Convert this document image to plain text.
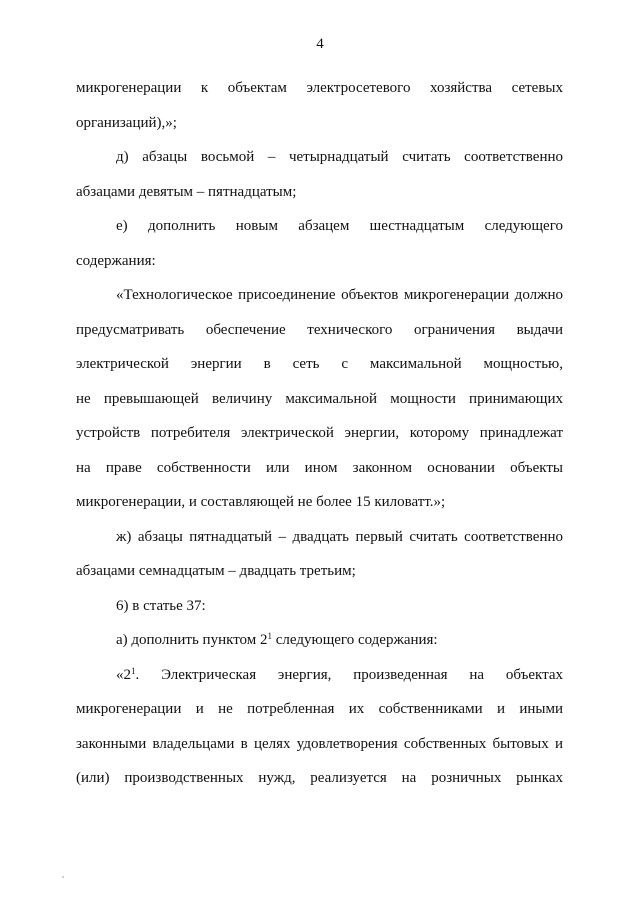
4
микрогенерации к объектам электросетевого хозяйства сетевых
организаций),»;
д) абзацы восьмой – четырнадцатый считать соответственно
абзацами девятым – пятнадцатым;
е) дополнить новым абзацем шестнадцатым следующего
содержания:
«Технологическое присоединение объектов микрогенерации должно
предусматривать обеспечение технического ограничения выдачи
электрической энергии в сеть с максимальной мощностью,
не превышающей величину максимальной мощности принимающих
устройств потребителя электрической энергии, которому принадлежат
на праве собственности или ином законном основании объекты
микрогенерации, и составляющей не более 15 киловатт.»;
ж) абзацы пятнадцатый – двадцать первый считать соответственно
абзацами семнадцатым – двадцать третьим;
6) в статье 37:
а) дополнить пунктом $2^1$ следующего содержания:
«$2^1$. Электрическая энергия, произведенная на объектах
микрогенерации и не потребленная их собственниками и иными
законными владельцами в целях удовлетворения собственных бытовых и
(или) производственных нужд, реализуется на розничных рынках
